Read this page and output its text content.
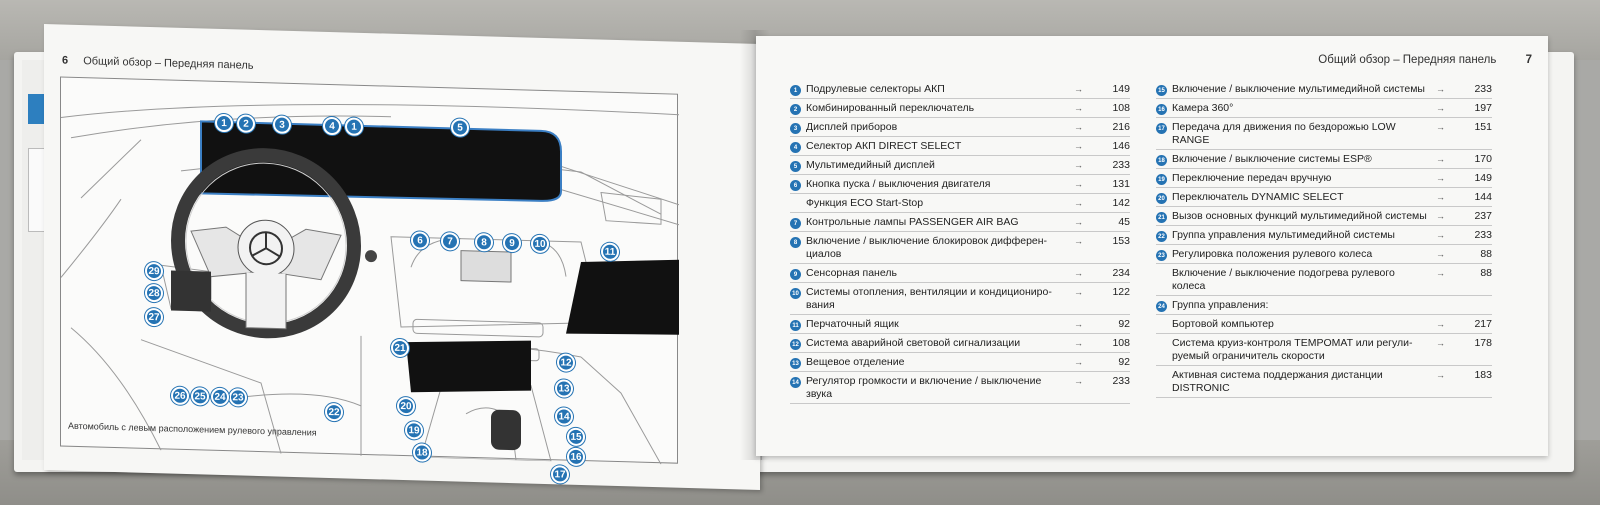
6 Общий обзор – Передняя панель
1	2	3	4	1	5
6	7	8	9	10
11
29
28
27
21
12
13
14
15
16
17
18
19
20
22
23
24
25
26
Автомобиль с левым расположением рулевого управления
Общий обзор – Передняя панель	7
1 Подрулевые селекторы АКП	→	149
2 Комбинированный переключатель	→	108
3 Дисплей приборов	→	216
4 Селектор АКП DIRECT SELECT	→	146
5 Мультимедийный дисплей	→	233
6 Кнопка пуска / выключения двигателя	→	131
Функция ECO Start-Stop	→	142
7 Контрольные лампы PASSENGER AIR BAG	→	45
8 Включение / выключение блокировок дифферен- циалов
→	153
9 Сенсорная панель	→	234
10 Системы отопления, вентиляции и кондициониро- вания
→	122
11 Перчаточный ящик	→	92
12 Система аварийной световой сигнализации	→	108
13 Вещевое отделение	→	92
14 Регулятор громкости и включение / выключение звука
→	233
15 Включение / выключение мультимедийной системы	→	233
16 Камера 360°	→	197
17 Передача для движения по бездорожью LOW RANGE
→	151
18 Включение / выключение системы ESP®	→	170
19 Переключение передач вручную	→	149
20 Переключатель DYNAMIC SELECT	→	144
21 Вызов основных функций мультимедийной системы	→	237
22 Группа управления мультимедийной системы	→	233
23 Регулировка положения рулевого колеса	→	88
Включение / выключение подогрева рулевого колеса
→	88
24 Группа управления:
Бортовой компьютер	→	217
Система круиз-контроля TEMPOMAT или регули- руемый ограничитель скорости
→	178
Активная система поддержания дистанции DISTRONIC
→	183
